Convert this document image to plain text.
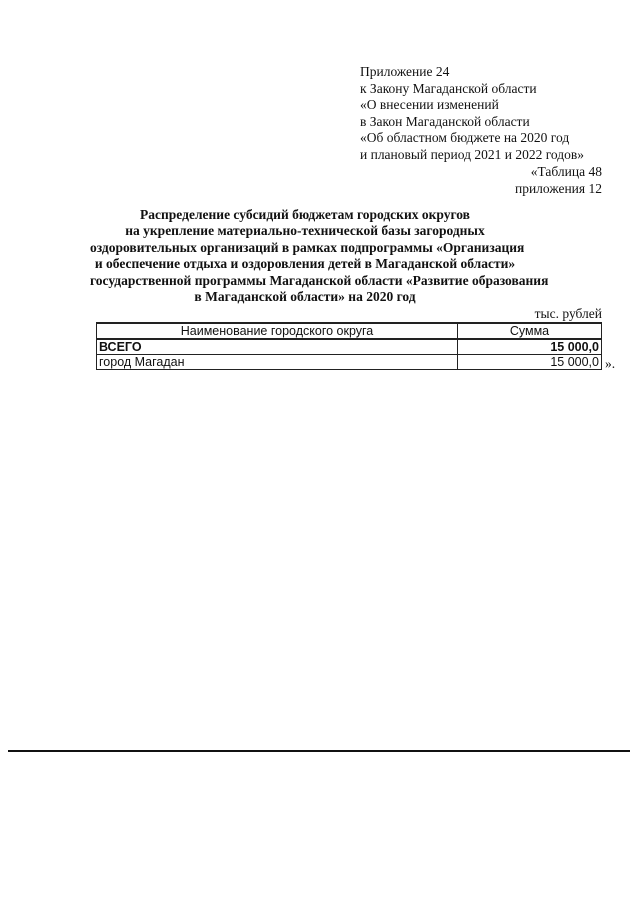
Приложение 24
к Закону Магаданской области
«О внесении изменений
в Закон Магаданской области
«Об областном бюджете на 2020 год
и плановый период 2021 и 2022 годов»
«Таблица 48
приложения 12
Распределение субсидий бюджетам городских округов
на укрепление материально-технической базы загородных
оздоровительных организаций в рамках подпрограммы «Организация
и обеспечение отдыха и оздоровления детей в Магаданской области»
государственной программы Магаданской области «Развитие образования
в Магаданской области» на 2020 год
тыс. рублей
Наименование городского округа	Сумма
ВСЕГО	15 000,0
город Магадан	15 000,0 ».
